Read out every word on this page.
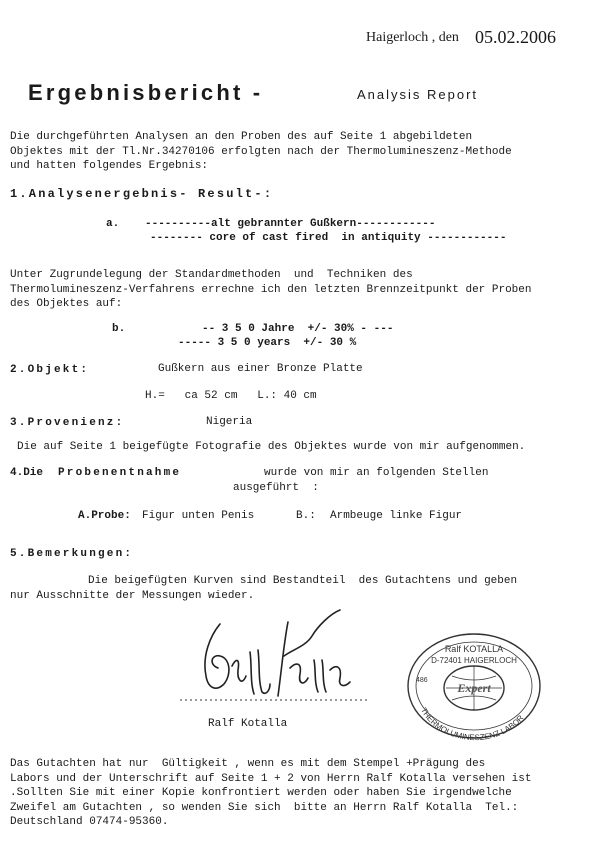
Haigerloch , den 05.02.2006
Ergebnisbericht -	Analysis Report
Die durchgeführten Analysen an den Proben des auf Seite 1 abgebildeten
Objektes mit der Tl.Nr.34270106 erfolgten nach der Thermolumineszenz-Methode
und hatten folgendes Ergebnis:
1.Analysenergebnis- Result-:
a. ----------alt gebrannter Gußkern------------
-------- core of cast fired  in antiquity ------------
Unter Zugrundelegung der Standardmethoden  und  Techniken des
Thermolumineszenz-Verfahrens errechne ich den letzten Brennzeitpunkt der Proben
des Objektes auf:
b.	-- 3 5 0 Jahre  +/- 30% - ---
----- 3 5 0 years  +/- 30 %
2.Objekt:	Gußkern aus einer Bronze Platte
H.=   ca 52 cm   L.: 40 cm
3.Provenienz:	Nigeria
Die auf Seite 1 beigefügte Fotografie des Objektes wurde von mir aufgenommen.
4.Die Probenentnahme	wurde von mir an folgenden Stellen
ausgeführt  :
A.Probe: Figur unten Penis	B.: Armbeuge linke Figur
5.Bemerkungen:
Die beigefügten Kurven sind Bestandteil  des Gutachtens und geben
nur Ausschnitte der Messungen wieder.
Ralf Kotalla
Ralf KOTALLA
D-72401 HAIGERLOCH
486
Expert
THERMOLUMINESZENZ LABOR
Das Gutachten hat nur  Gültigkeit , wenn es mit dem Stempel +Prägung des
Labors und der Unterschrift auf Seite 1 + 2 von Herrn Ralf Kotalla versehen ist
.Sollten Sie mit einer Kopie konfrontiert werden oder haben Sie irgendwelche
Zweifel am Gutachten , so wenden Sie sich  bitte an Herrn Ralf Kotalla  Tel.:
Deutschland 07474-95360.
